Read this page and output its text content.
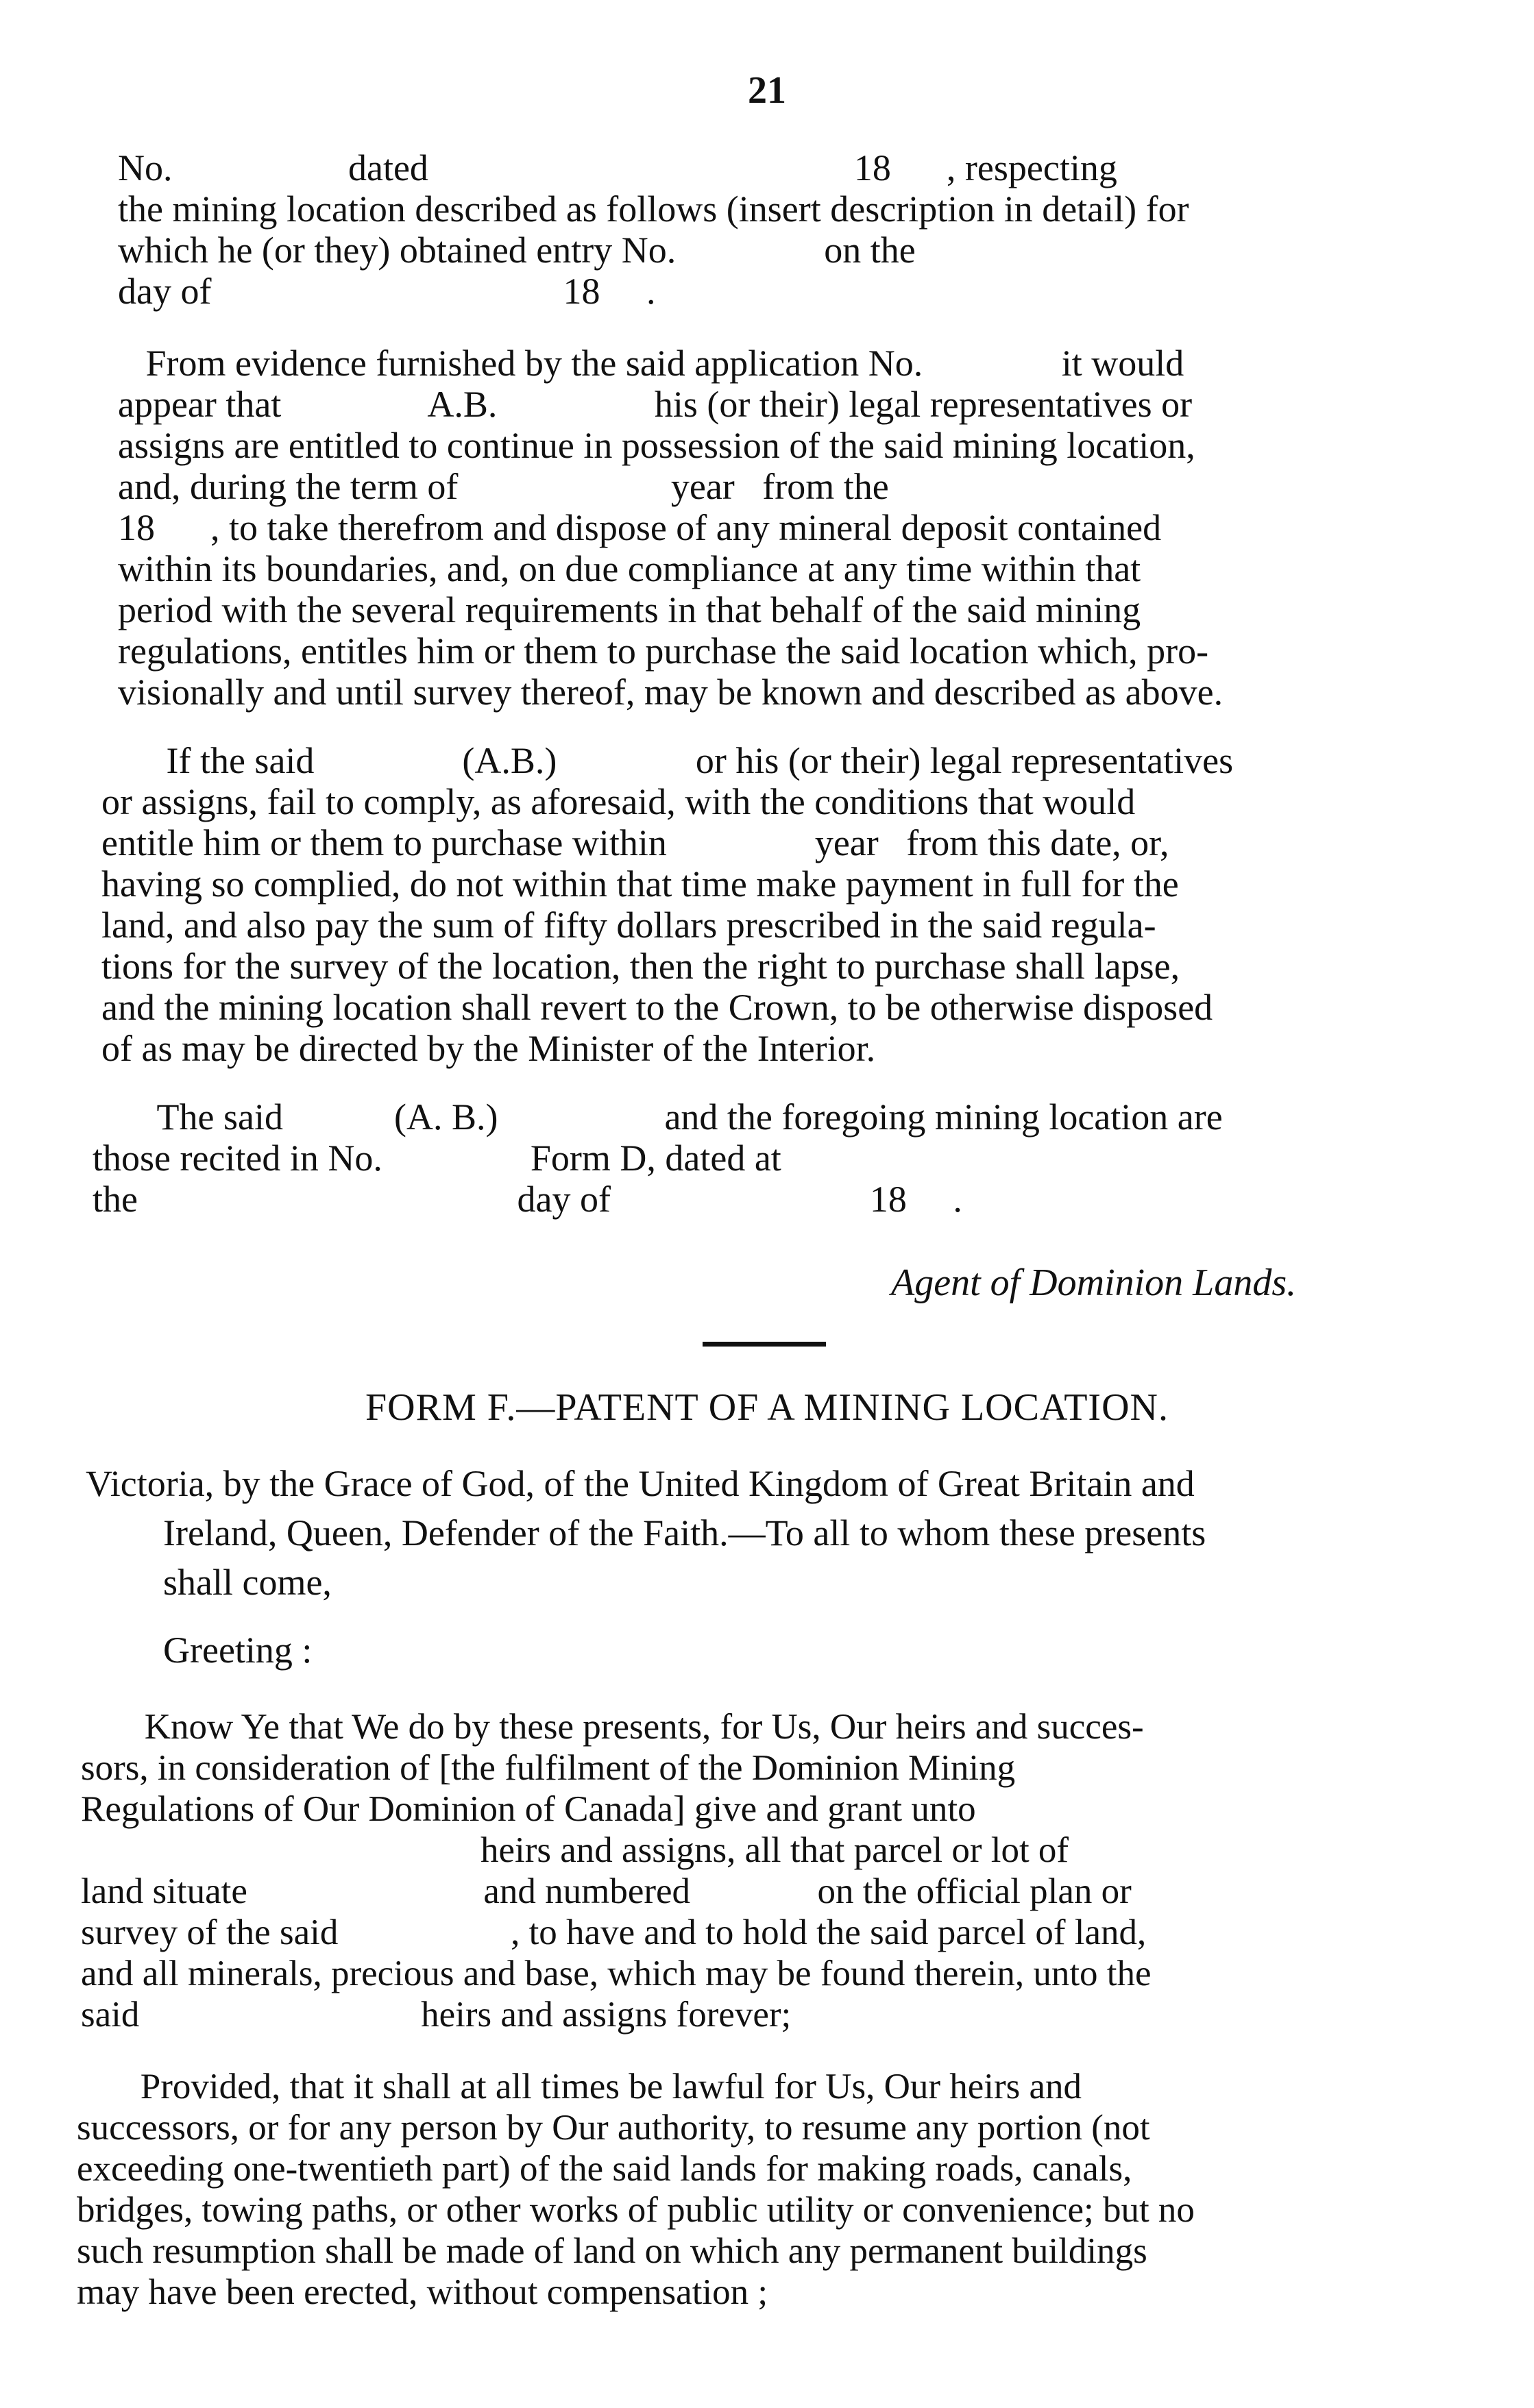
21
No.                   dated                                              18      , respecting
the mining location described as follows (insert description in detail) for
which he (or they) obtained entry No.                on the
day of                                      18     .
From evidence furnished by the said application No.               it would
appear that                A.B.                 his (or their) legal representatives or
assigns are entitled to continue in possession of the said mining location,
and, during the term of                       year   from the
18      , to take therefrom and dispose of any mineral deposit contained
within its boundaries, and, on due compliance at any time within that
period with the several requirements in that behalf of the said mining
regulations, entitles him or them to purchase the said location which, pro-
visionally and until survey thereof, may be known and described as above.
If the said                (A.B.)               or his (or their) legal representatives
or assigns, fail to comply, as aforesaid, with the conditions that would
entitle him or them to purchase within                year   from this date, or,
having so complied, do not within that time make payment in full for the
land, and also pay the sum of fifty dollars prescribed in the said regula-
tions for the survey of the location, then the right to purchase shall lapse,
and the mining location shall revert to the Crown, to be otherwise disposed
of as may be directed by the Minister of the Interior.
The said            (A. B.)                  and the foregoing mining location are
those recited in No.                Form D, dated at
the                                         day of                            18     .
Agent of Dominion Lands.
FORM F.—PATENT OF A MINING LOCATION.
Victoria, by the Grace of God, of the United Kingdom of Great Britain and
Ireland, Queen, Defender of the Faith.—To all to whom these presents
shall come,
Greeting :
Know Ye that We do by these presents, for Us, Our heirs and succes-
sors, in consideration of [the fulfilment of the Dominion Mining
Regulations of Our Dominion of Canada] give and grant unto
heirs and assigns, all that parcel or lot of
land situate                          and numbered              on the official plan or
survey of the said                   , to have and to hold the said parcel of land,
and all minerals, precious and base, which may be found therein, unto the
said                               heirs and assigns forever;
Provided, that it shall at all times be lawful for Us, Our heirs and
successors, or for any person by Our authority, to resume any portion (not
exceeding one-twentieth part) of the said lands for making roads, canals,
bridges, towing paths, or other works of public utility or convenience; but no
such resumption shall be made of land on which any permanent buildings
may have been erected, without compensation ;
